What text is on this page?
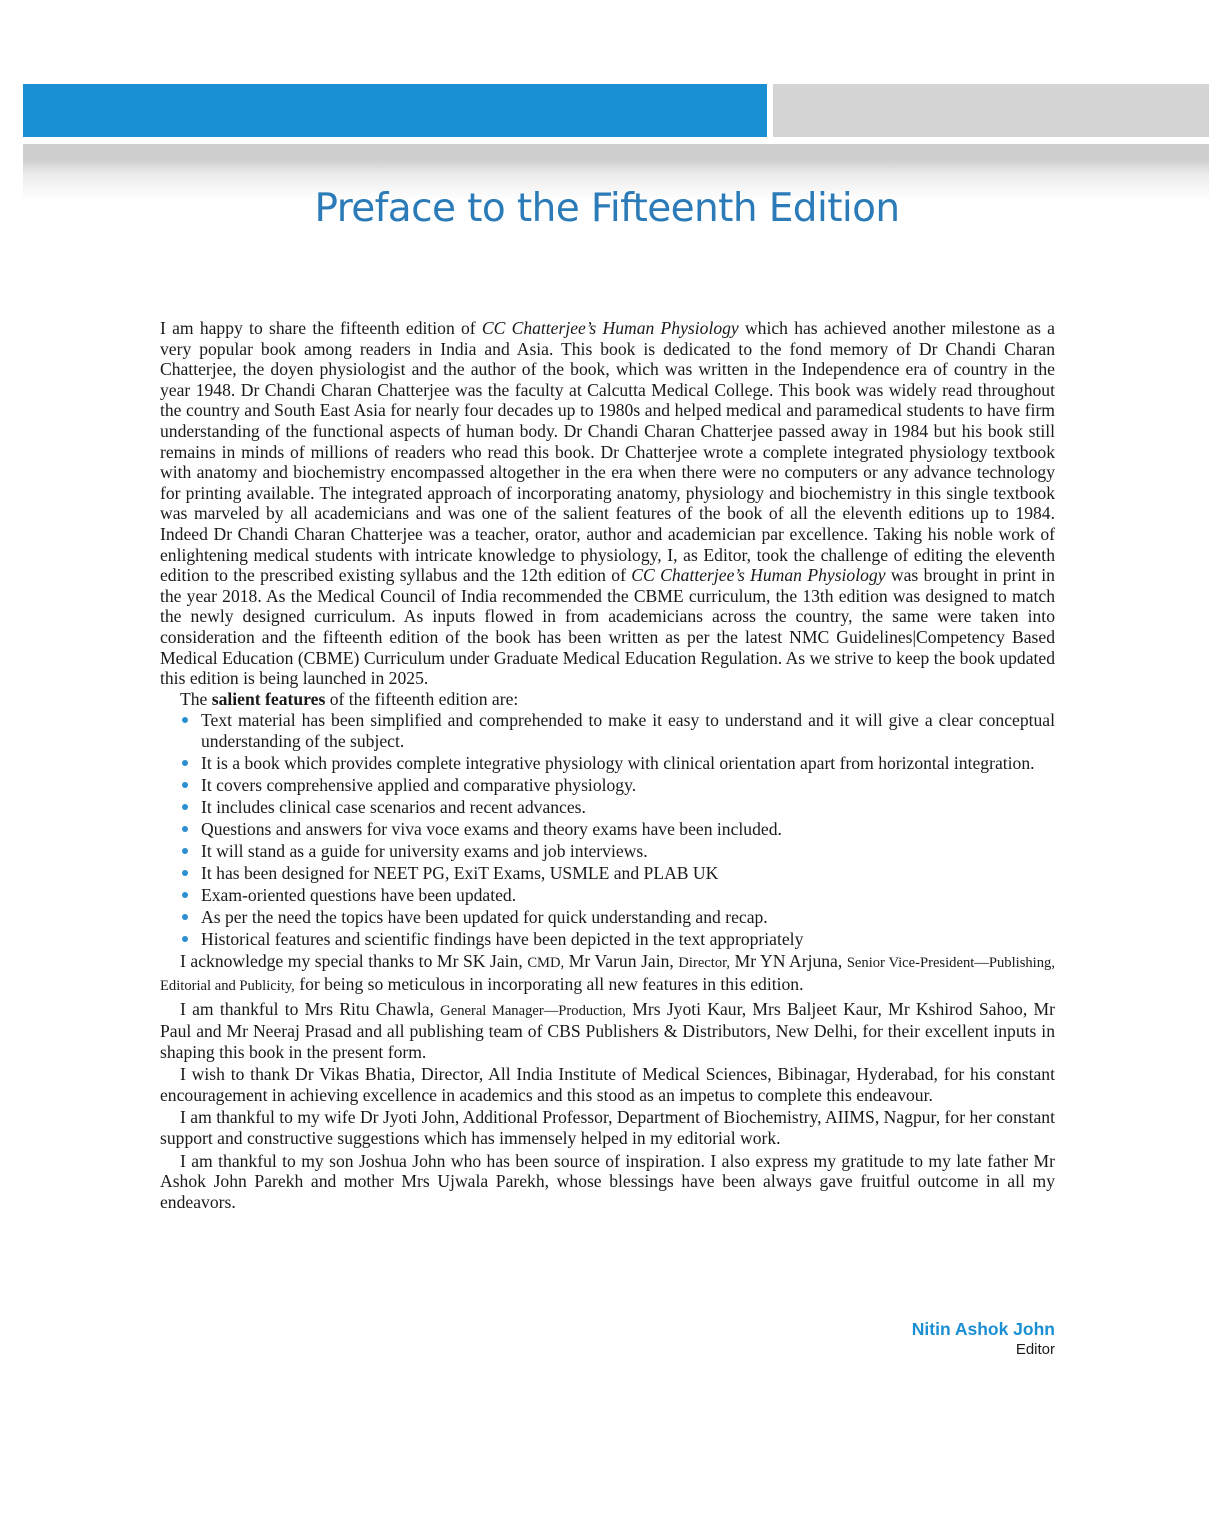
Preface to the Fifteenth Edition

I am happy to share the fifteenth edition of CC Chatterjee’s Human Physiology which has achieved another milestone as a very popular book among readers in India and Asia. This book is dedicated to the fond memory of Dr Chandi Charan Chatterjee, the doyen physiologist and the author of the book, which was written in the Independence era of country in the year 1948. Dr Chandi Charan Chatterjee was the faculty at Calcutta Medical College. This book was widely read throughout the country and South East Asia for nearly four decades up to 1980s and helped medical and paramedical students to have firm understanding of the functional aspects of human body. Dr Chandi Charan Chatterjee passed away in 1984 but his book still remains in minds of millions of readers who read this book. Dr Chatterjee wrote a complete integrated physiology textbook with anatomy and biochemistry encompassed altogether in the era when there were no computers or any advance technology for printing available. The integrated approach of incorporating anatomy, physiology and biochemistry in this single textbook was marveled by all academicians and was one of the salient features of the book of all the eleventh editions up to 1984. Indeed Dr Chandi Charan Chatterjee was a teacher, orator, author and academician par excellence. Taking his noble work of enlightening medical students with intricate knowledge to physiology, I, as Editor, took the challenge of editing the eleventh edition to the prescribed existing syllabus and the 12th edition of CC Chatterjee’s Human Physiology was brought in print in the year 2018. As the Medical Council of India recommended the CBME curriculum, the 13th edition was designed to match the newly designed curriculum. As inputs flowed in from academicians across the country, the same were taken into consideration and the fifteenth edition of the book has been written as per the latest NMC Guidelines|Competency Based Medical Education (CBME) Curriculum under Graduate Medical Education Regulation. As we strive to keep the book updated this edition is being launched in 2025.

The salient features of the fifteenth edition are:

Text material has been simplified and comprehended to make it easy to understand and it will give a clear conceptual understanding of the subject.
It is a book which provides complete integrative physiology with clinical orientation apart from horizontal integration.
It covers comprehensive applied and comparative physiology.
It includes clinical case scenarios and recent advances.
Questions and answers for viva voce exams and theory exams have been included.
It will stand as a guide for university exams and job interviews.
It has been designed for NEET PG, ExiT Exams, USMLE and PLAB UK
Exam-oriented questions have been updated.
As per the need the topics have been updated for quick understanding and recap.
Historical features and scientific findings have been depicted in the text appropriately

I acknowledge my special thanks to Mr SK Jain, CMD, Mr Varun Jain, Director, Mr YN Arjuna, Senior Vice-President—Publishing, Editorial and Publicity, for being so meticulous in incorporating all new features in this edition.

I am thankful to Mrs Ritu Chawla, General Manager—Production, Mrs Jyoti Kaur, Mrs Baljeet Kaur, Mr Kshirod Sahoo, Mr Paul and Mr Neeraj Prasad and all publishing team of CBS Publishers & Distributors, New Delhi, for their excellent inputs in shaping this book in the present form.

I wish to thank Dr Vikas Bhatia, Director, All India Institute of Medical Sciences, Bibinagar, Hyderabad, for his constant encouragement in achieving excellence in academics and this stood as an impetus to complete this endeavour.

I am thankful to my wife Dr Jyoti John, Additional Professor, Department of Biochemistry, AIIMS, Nagpur, for her constant support and constructive suggestions which has immensely helped in my editorial work.

I am thankful to my son Joshua John who has been source of inspiration. I also express my gratitude to my late father Mr Ashok John Parekh and mother Mrs Ujwala Parekh, whose blessings have been always gave fruitful outcome in all my endeavors.

Nitin Ashok John
Editor
